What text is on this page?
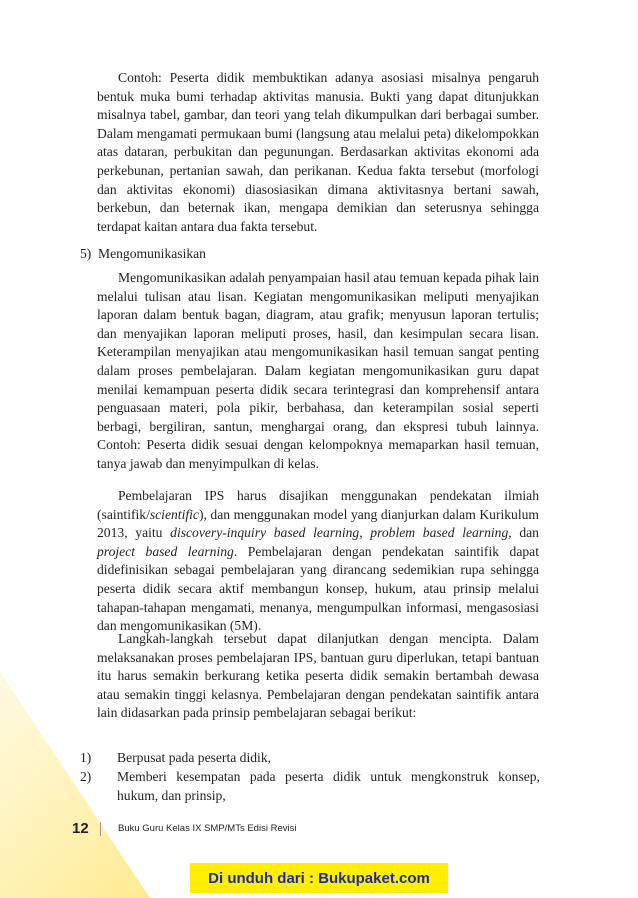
Contoh: Peserta didik membuktikan adanya asosiasi misalnya pengaruh bentuk muka bumi terhadap aktivitas manusia. Bukti yang dapat ditunjukkan misalnya tabel, gambar, dan teori yang telah dikumpulkan dari berbagai sumber. Dalam mengamati permukaan bumi (langsung atau melalui peta) dikelompokkan atas dataran, perbukitan dan pegunungan. Berdasarkan aktivitas ekonomi ada perkebunan, pertanian sawah, dan perikanan. Kedua fakta tersebut (morfologi dan aktivitas ekonomi) diasosiasikan dimana aktivitasnya bertani sawah, berkebun, dan beternak ikan, mengapa demikian dan seterusnya sehingga terdapat kaitan antara dua fakta tersebut.

5) Mengomunikasikan

Mengomunikasikan adalah penyampaian hasil atau temuan kepada pihak lain melalui tulisan atau lisan. Kegiatan mengomunikasikan meliputi menyajikan laporan dalam bentuk bagan, diagram, atau grafik; menyusun laporan tertulis; dan menyajikan laporan meliputi proses, hasil, dan kesimpulan secara lisan. Keterampilan menyajikan atau mengomunikasikan hasil temuan sangat penting dalam proses pembelajaran. Dalam kegiatan mengomunikasikan guru dapat menilai kemampuan peserta didik secara terintegrasi dan komprehensif antara penguasaan materi, pola pikir, berbahasa, dan keterampilan sosial seperti berbagi, bergiliran, santun, menghargai orang, dan ekspresi tubuh lainnya. Contoh: Peserta didik sesuai dengan kelompoknya memaparkan hasil temuan, tanya jawab dan menyimpulkan di kelas.

Pembelajaran IPS harus disajikan menggunakan pendekatan ilmiah (saintifik/scientific), dan menggunakan model yang dianjurkan dalam Kurikulum 2013, yaitu discovery-inquiry based learning, problem based learning, dan project based learning. Pembelajaran dengan pendekatan saintifik dapat didefinisikan sebagai pembelajaran yang dirancang sedemikian rupa sehingga peserta didik secara aktif membangun konsep, hukum, atau prinsip melalui tahapan-tahapan mengamati, menanya, mengumpulkan informasi, mengasosiasi dan mengomunikasikan (5M).

Langkah-langkah tersebut dapat dilanjutkan dengan mencipta. Dalam melaksanakan proses pembelajaran IPS, bantuan guru diperlukan, tetapi bantuan itu harus semakin berkurang ketika peserta didik semakin bertambah dewasa atau semakin tinggi kelasnya. Pembelajaran dengan pendekatan saintifik antara lain didasarkan pada prinsip pembelajaran sebagai berikut:

1) Berpusat pada peserta didik,

2) Memberi kesempatan pada peserta didik untuk mengkonstruk konsep, hukum, dan prinsip,

12	Buku Guru Kelas IX SMP/MTs Edisi Revisi
Di unduh dari : Bukupaket.com
